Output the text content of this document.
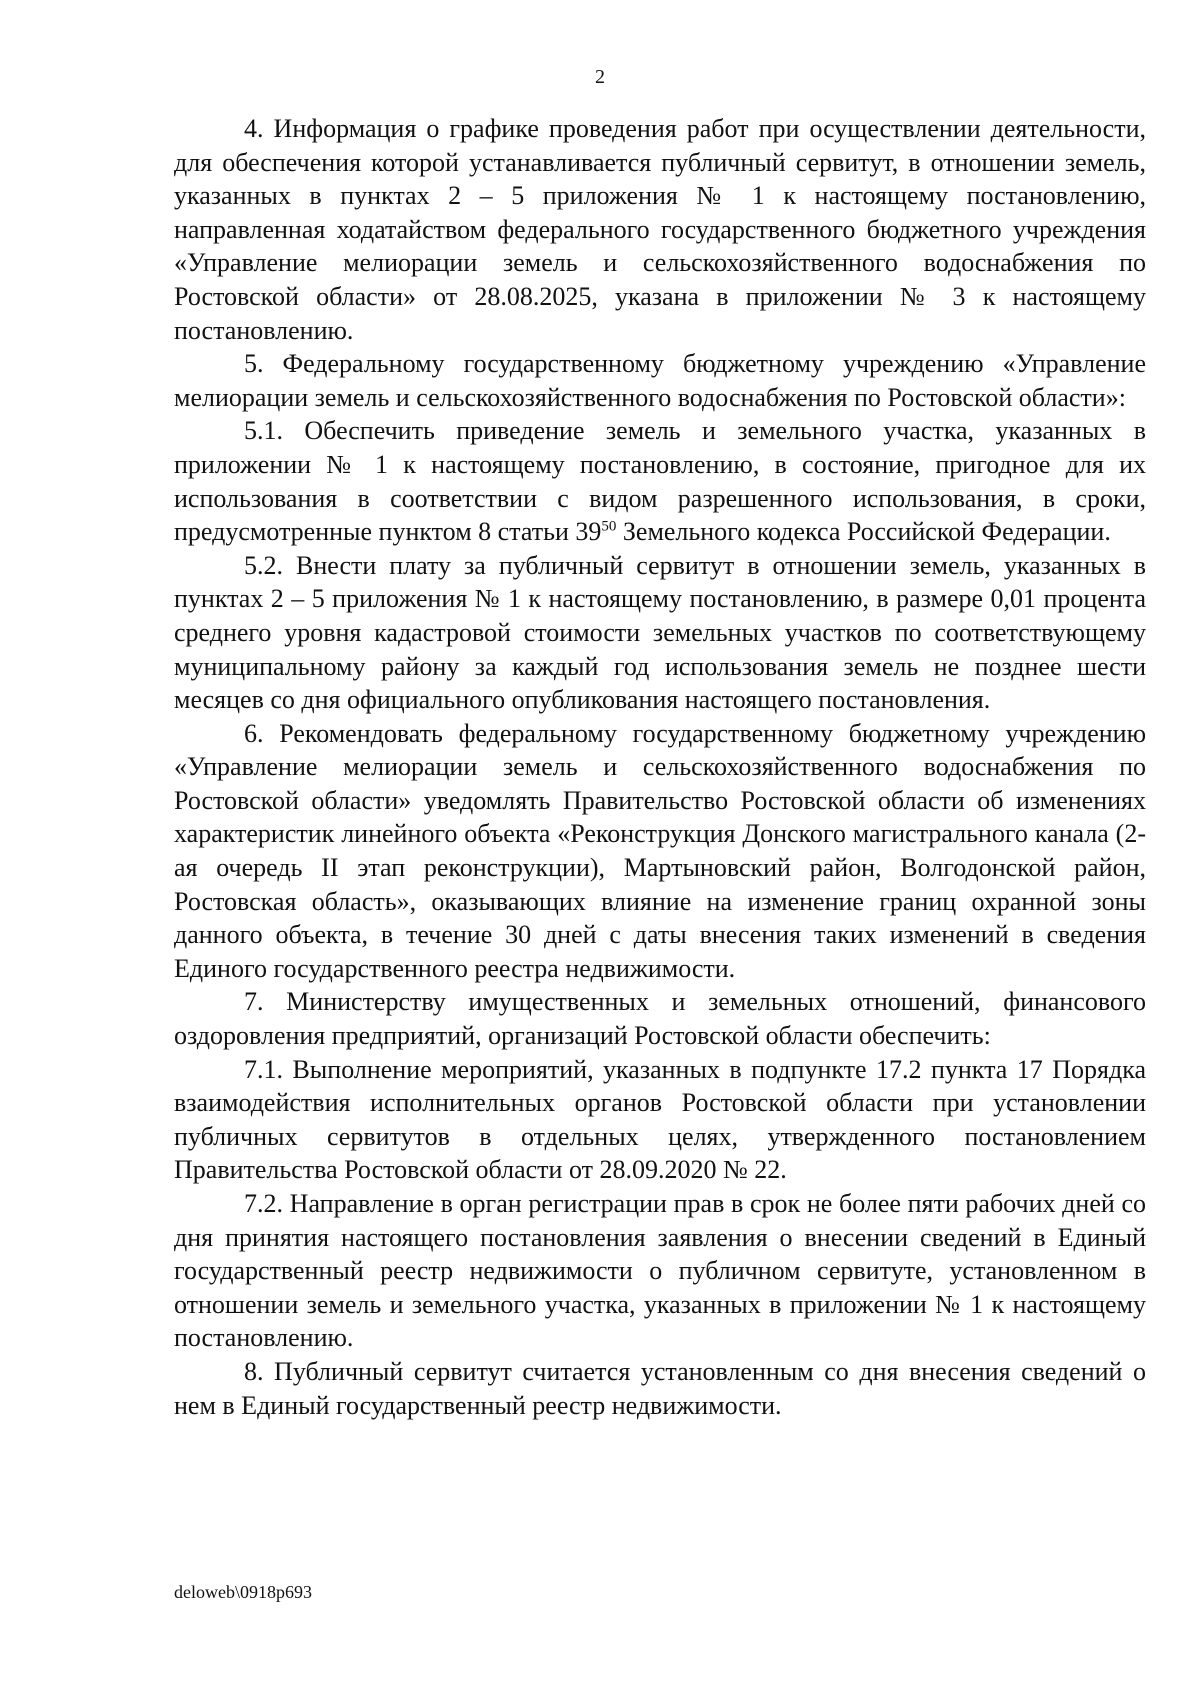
2

4. Информация о графике проведения работ при осуществлении деятельности, для обеспечения которой устанавливается публичный сервитут, в отношении земель, указанных в пунктах 2 – 5 приложения № 1 к настоящему постановлению, направленная ходатайством федерального государственного бюджетного учреждения «Управление мелиорации земель и сельскохозяйственного водоснабжения по Ростовской области» от 28.08.2025, указана в приложении № 3 к настоящему постановлению.

5. Федеральному государственному бюджетному учреждению «Управление мелиорации земель и сельскохозяйственного водоснабжения по Ростовской области»:

5.1. Обеспечить приведение земель и земельного участка, указанных в приложении № 1 к настоящему постановлению, в состояние, пригодное для их использования в соответствии с видом разрешенного использования, в сроки, предусмотренные пунктом 8 статьи $39^{50}$ Земельного кодекса Российской Федерации.

5.2. Внести плату за публичный сервитут в отношении земель, указанных в пунктах 2 – 5 приложения № 1 к настоящему постановлению, в размере 0,01 процента среднего уровня кадастровой стоимости земельных участков по соответствующему муниципальному району за каждый год использования земель не позднее шести месяцев со дня официального опубликования настоящего постановления.

6. Рекомендовать федеральному государственному бюджетному учреждению «Управление мелиорации земель и сельскохозяйственного водоснабжения по Ростовской области» уведомлять Правительство Ростовской области об изменениях характеристик линейного объекта «Реконструкция Донского магистрального канала (2-ая очередь II этап реконструкции), Мартыновский район, Волгодонской район, Ростовская область», оказывающих влияние на изменение границ охранной зоны данного объекта, в течение 30 дней с даты внесения таких изменений в сведения Единого государственного реестра недвижимости.

7. Министерству имущественных и земельных отношений, финансового оздоровления предприятий, организаций Ростовской области обеспечить:

7.1. Выполнение мероприятий, указанных в подпункте 17.2 пункта 17 Порядка взаимодействия исполнительных органов Ростовской области при установлении публичных сервитутов в отдельных целях, утвержденного постановлением Правительства Ростовской области от 28.09.2020 № 22.

7.2. Направление в орган регистрации прав в срок не более пяти рабочих дней со дня принятия настоящего постановления заявления о внесении сведений в Единый государственный реестр недвижимости о публичном сервитуте, установленном в отношении земель и земельного участка, указанных в приложении № 1 к настоящему постановлению.

8. Публичный сервитут считается установленным со дня внесения сведений о нем в Единый государственный реестр недвижимости.

deloweb\0918p693
